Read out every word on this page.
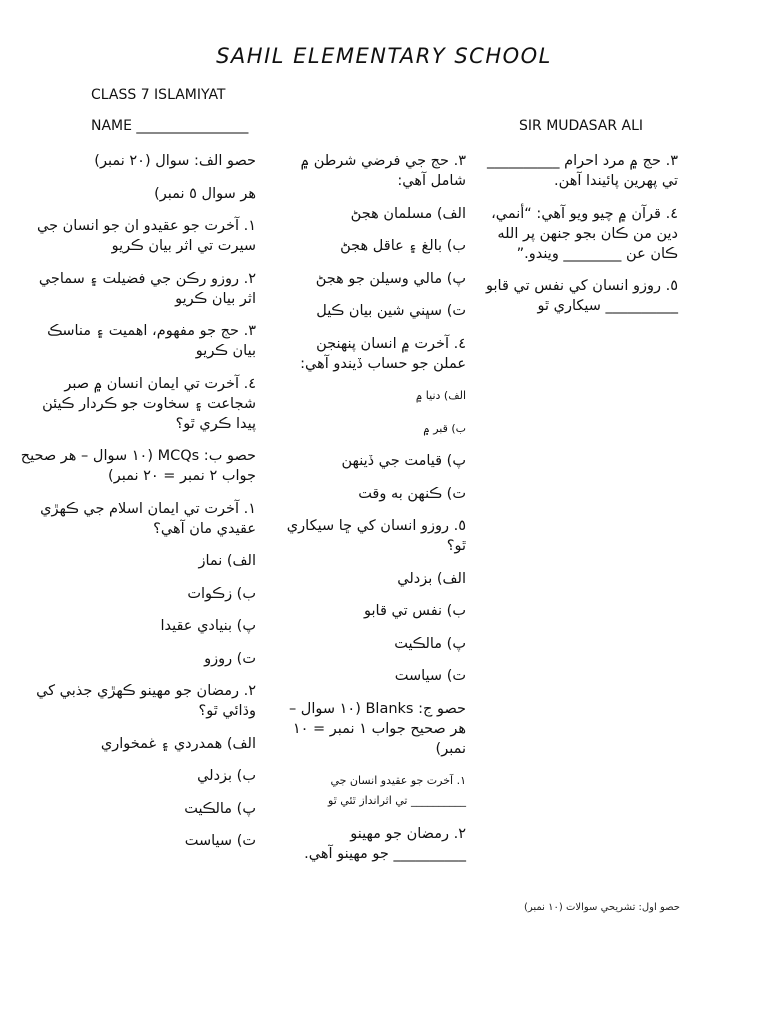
SAHIL ELEMENTARY SCHOOL
CLASS 7 ISLAMIYAT
NAME ________________	SIR MUDASAR ALI

حصو الف: سوال (٢٠ نمبر)

هر سوال ٥ نمبر)

١. آخرت جو عقيدو ان جو انسان جي سيرت تي اثر بيان ڪريو

٢. روزو رڪن جي فضيلت ۽ سماجي اثر بيان ڪريو

٣. حج جو مفهوم، اهميت ۽ مناسڪ بيان ڪريو

٤. آخرت تي ايمان انسان ۾ صبر شجاعت ۽ سخاوت جو ڪردار ڪيئن پيدا ڪري ٿو؟

حصو ب: MCQs (١٠ سوال – هر صحيح جواب ٢ نمبر = ٢٠ نمبر)

١. آخرت تي ايمان اسلام جي ڪهڙي عقيدي مان آهي؟

الف) نماز

ب) زڪوات

پ) بنيادي عقيدا

ت) روزو

٢. رمضان جو مهينو ڪهڙي جذبي کي وڌائي ٿو؟

الف) همدردي ۽ غمخواري

ب) بزدلي

پ) مالڪيت

ت) سياست

٣. حج جي فرضي شرطن ۾ شامل آهي:

الف) مسلمان هجڻ

ب) بالغ ۽ عاقل هجڻ

پ) مالي وسيلن جو هجڻ

ت) سڀني شين بيان ڪيل

٤. آخرت ۾ انسان پنهنجن عملن جو حساب ڏيندو آهي:

الف) دنيا ۾

ب) قبر ۾

پ) قيامت جي ڏينهن

ت) ڪنهن به وقت

٥. روزو انسان کي ڇا سيکاري ٿو؟

الف) بزدلي

ب) نفس تي قابو

پ) مالڪيت

ت) سياست

حصو ج: Blanks (١٠ سوال – هر صحيح جواب ١ نمبر = ١٠ نمبر)

١. آخرت جو عقيدو انسان جي __________ تي اثرانداز ٿئي ٿو

٢. رمضان جو مهينو __________ جو مهينو آهي.

٣. حج ۾ مرد احرام __________ تي پهرين پائيندا آهن.

٤. قرآن ۾ چيو ويو آهي: “أنمي، دين من ڪان بجو جنهن پر الله ڪان عن ________ ويندو.”

٥. روزو انسان کي نفس تي قابو __________ سيکاري ٿو

حصو اول: تشريحي سوالات (١٠ نمبر)
